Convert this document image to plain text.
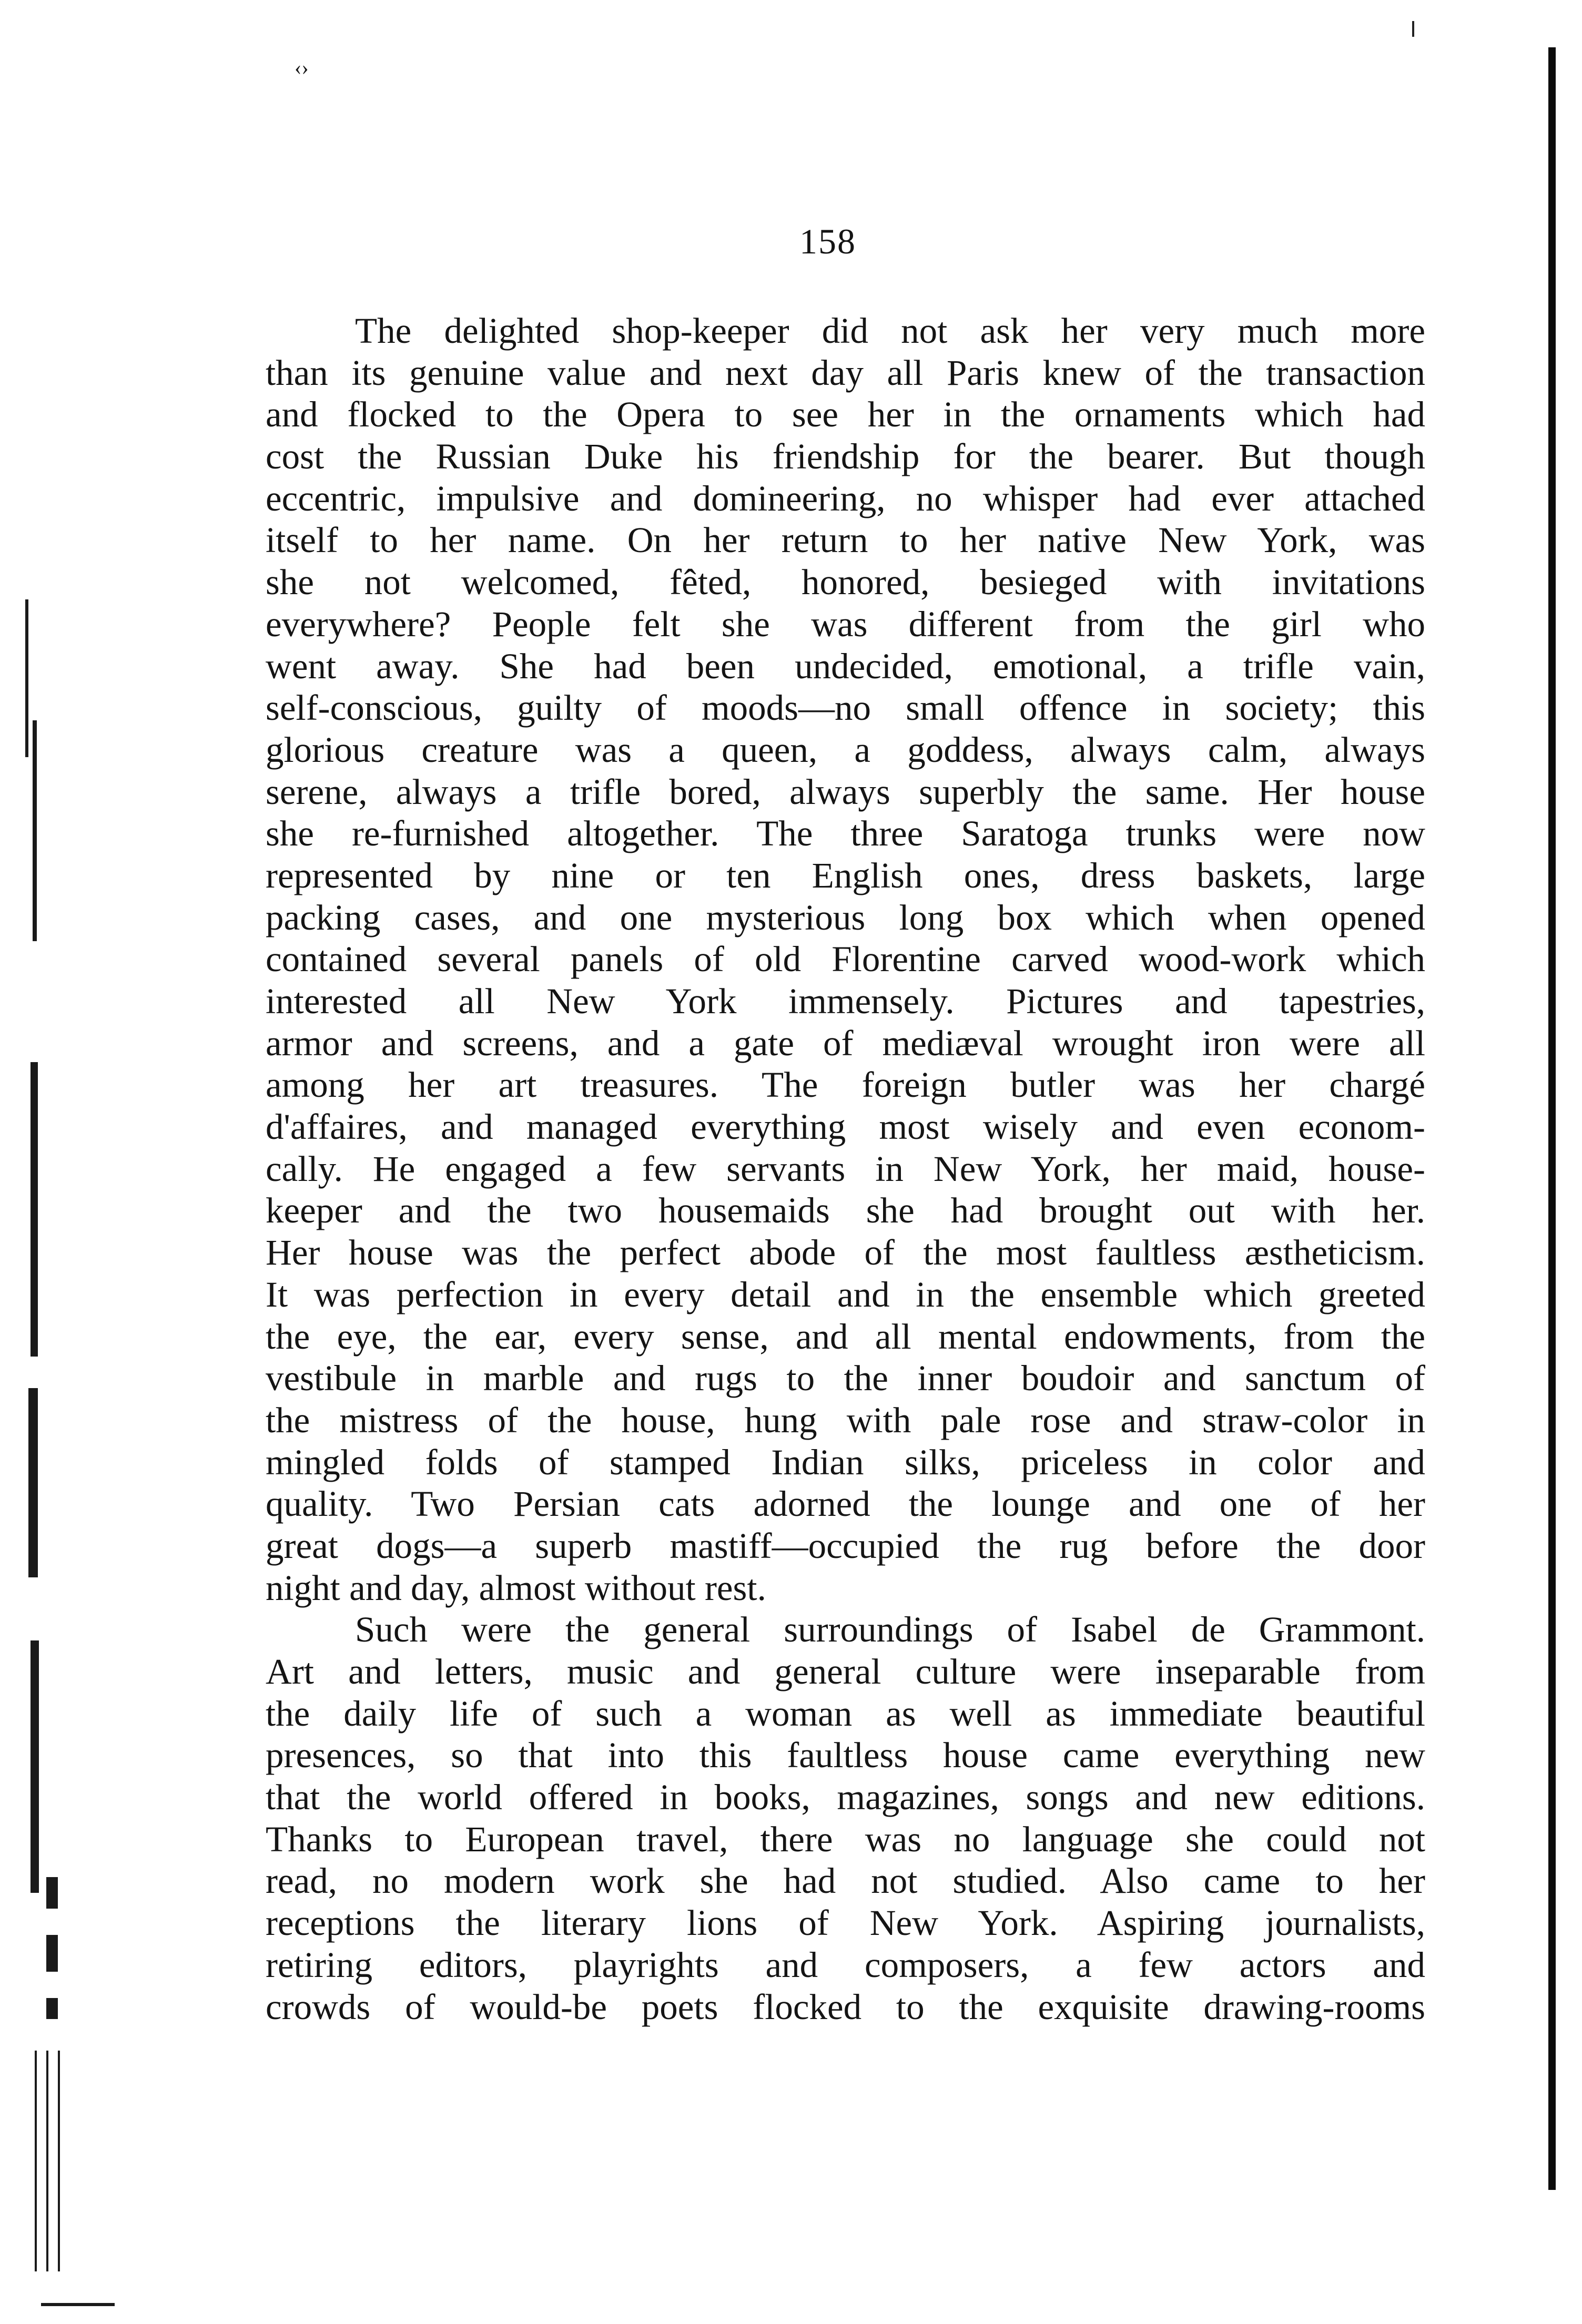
‹›
158
The delighted shop-keeper did not ask her very much more
than its genuine value and next day all Paris knew of the transaction
and flocked to the Opera to see her in the ornaments which had
cost the Russian Duke his friendship for the bearer. But though
eccentric, impulsive and domineering, no whisper had ever attached
itself to her name. On her return to her native New York, was
she not welcomed, fêted, honored, besieged with invitations
everywhere? People felt she was different from the girl who
went away. She had been undecided, emotional, a trifle vain,
self-conscious, guilty of moods—no small offence in society; this
glorious creature was a queen, a goddess, always calm, always
serene, always a trifle bored, always superbly the same. Her house
she re-furnished altogether. The three Saratoga trunks were now
represented by nine or ten English ones, dress baskets, large
packing cases, and one mysterious long box which when opened
contained several panels of old Florentine carved wood-work which
interested all New York immensely. Pictures and tapestries,
armor and screens, and a gate of mediæval wrought iron were all
among her art treasures. The foreign butler was her chargé
d'affaires, and managed everything most wisely and even econom-
cally. He engaged a few servants in New York, her maid, house-
keeper and the two housemaids she had brought out with her.
Her house was the perfect abode of the most faultless æstheticism.
It was perfection in every detail and in the ensemble which greeted
the eye, the ear, every sense, and all mental endowments, from the
vestibule in marble and rugs to the inner boudoir and sanctum of
the mistress of the house, hung with pale rose and straw-color in
mingled folds of stamped Indian silks, priceless in color and
quality. Two Persian cats adorned the lounge and one of her
great dogs—a superb mastiff—occupied the rug before the door
night and day, almost without rest.
Such were the general surroundings of Isabel de Grammont.
Art and letters, music and general culture were inseparable from
the daily life of such a woman as well as immediate beautiful
presences, so that into this faultless house came everything new
that the world offered in books, magazines, songs and new editions.
Thanks to European travel, there was no language she could not
read, no modern work she had not studied. Also came to her
receptions the literary lions of New York. Aspiring journalists,
retiring editors, playrights and composers, a few actors and
crowds of would-be poets flocked to the exquisite drawing-rooms
